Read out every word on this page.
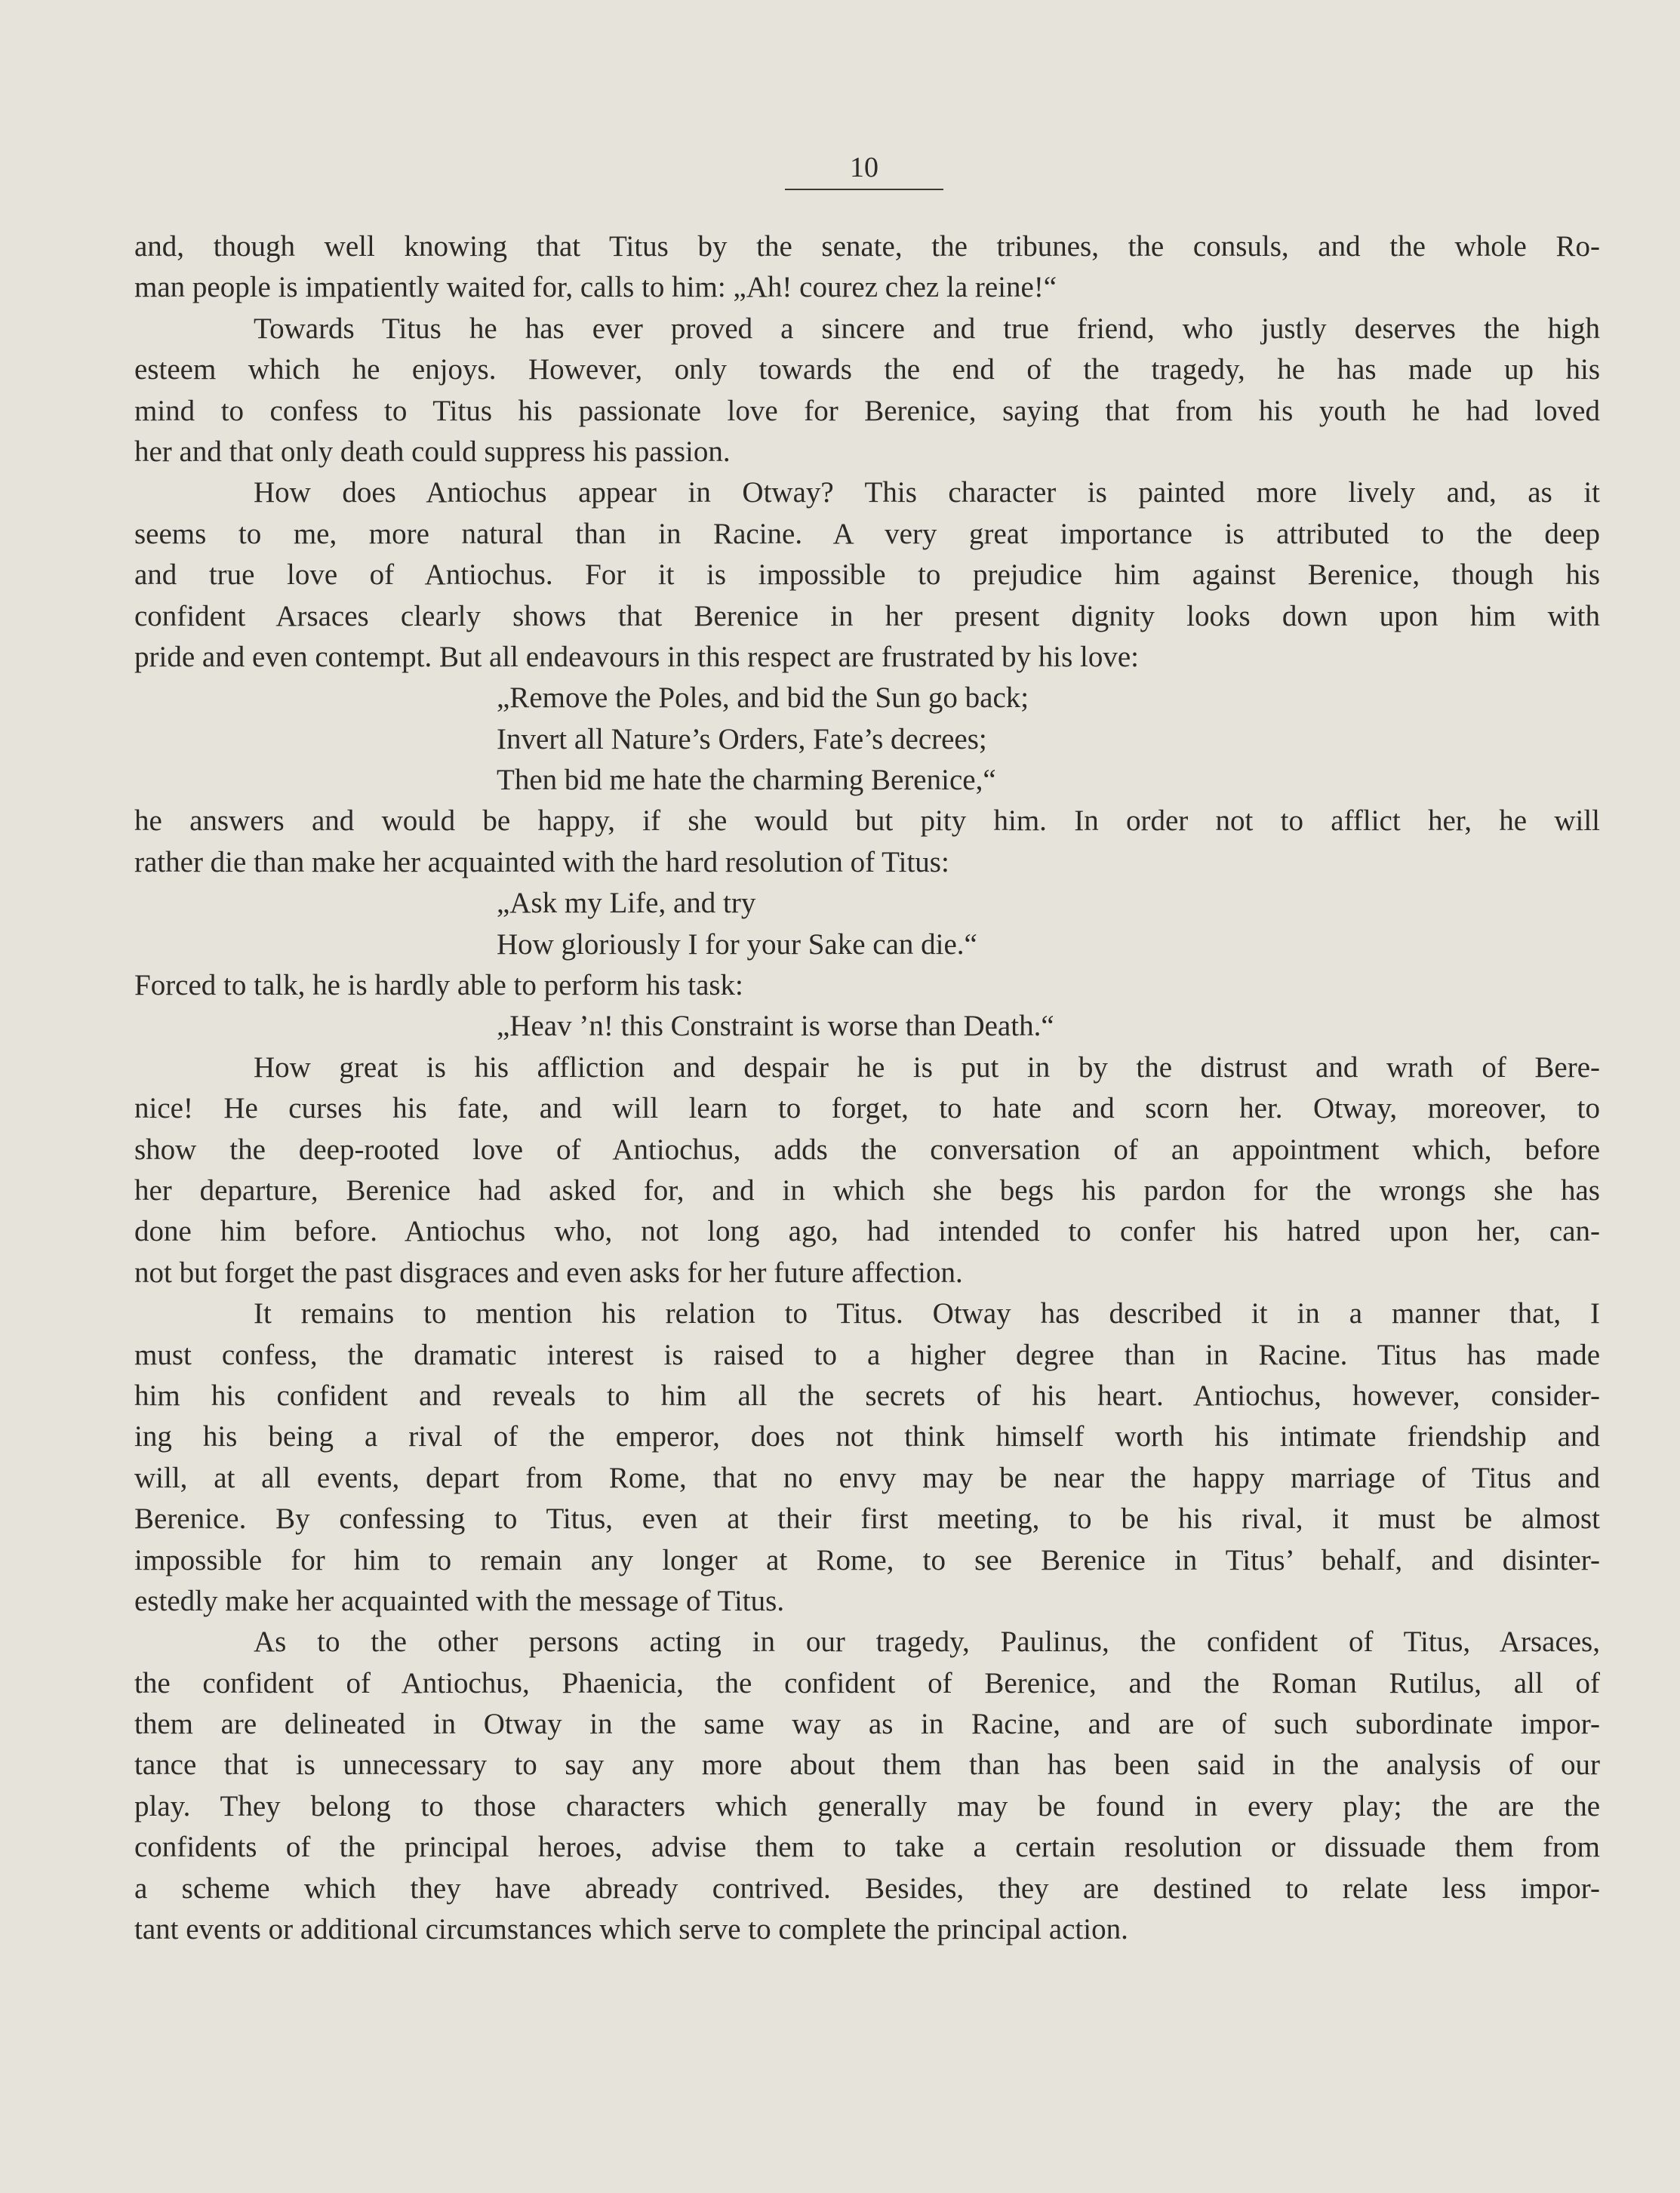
10
and, though well knowing that Titus by the senate, the tribunes, the consuls, and the whole Ro-
man people is impatiently waited for, calls to him: „Ah! courez chez la reine!“
Towards Titus he has ever proved a sincere and true friend, who justly deserves the high
esteem which he enjoys. However, only towards the end of the tragedy, he has made up his
mind to confess to Titus his passionate love for Berenice, saying that from his youth he had loved
her and that only death could suppress his passion.
How does Antiochus appear in Otway? This character is painted more lively and, as it
seems to me, more natural than in Racine. A very great importance is attributed to the deep
and true love of Antiochus. For it is impossible to prejudice him against Berenice, though his
confident Arsaces clearly shows that Berenice in her present dignity looks down upon him with
pride and even contempt. But all endeavours in this respect are frustrated by his love:
„Remove the Poles, and bid the Sun go back;
Invert all Nature’s Orders, Fate’s decrees;
Then bid me hate the charming Berenice,“
he answers and would be happy, if she would but pity him. In order not to afflict her, he will
rather die than make her acquainted with the hard resolution of Titus:
„Ask my Life, and try
How gloriously I for your Sake can die.“
Forced to talk, he is hardly able to perform his task:
„Heav ’n! this Constraint is worse than Death.“
How great is his affliction and despair he is put in by the distrust and wrath of Bere-
nice! He curses his fate, and will learn to forget, to hate and scorn her. Otway, moreover, to
show the deep-rooted love of Antiochus, adds the conversation of an appointment which, before
her departure, Berenice had asked for, and in which she begs his pardon for the wrongs she has
done him before. Antiochus who, not long ago, had intended to confer his hatred upon her, can-
not but forget the past disgraces and even asks for her future affection.
It remains to mention his relation to Titus. Otway has described it in a manner that, I
must confess, the dramatic interest is raised to a higher degree than in Racine. Titus has made
him his confident and reveals to him all the secrets of his heart. Antiochus, however, consider-
ing his being a rival of the emperor, does not think himself worth his intimate friendship and
will, at all events, depart from Rome, that no envy may be near the happy marriage of Titus and
Berenice. By confessing to Titus, even at their first meeting, to be his rival, it must be almost
impossible for him to remain any longer at Rome, to see Berenice in Titus’ behalf, and disinter-
estedly make her acquainted with the message of Titus.
As to the other persons acting in our tragedy, Paulinus, the confident of Titus, Arsaces,
the confident of Antiochus, Phaenicia, the confident of Berenice, and the Roman Rutilus, all of
them are delineated in Otway in the same way as in Racine, and are of such subordinate impor-
tance that is unnecessary to say any more about them than has been said in the analysis of our
play. They belong to those characters which generally may be found in every play; the are the
confidents of the principal heroes, advise them to take a certain resolution or dissuade them from
a scheme which they have abready contrived. Besides, they are destined to relate less impor-
tant events or additional circumstances which serve to complete the principal action.
